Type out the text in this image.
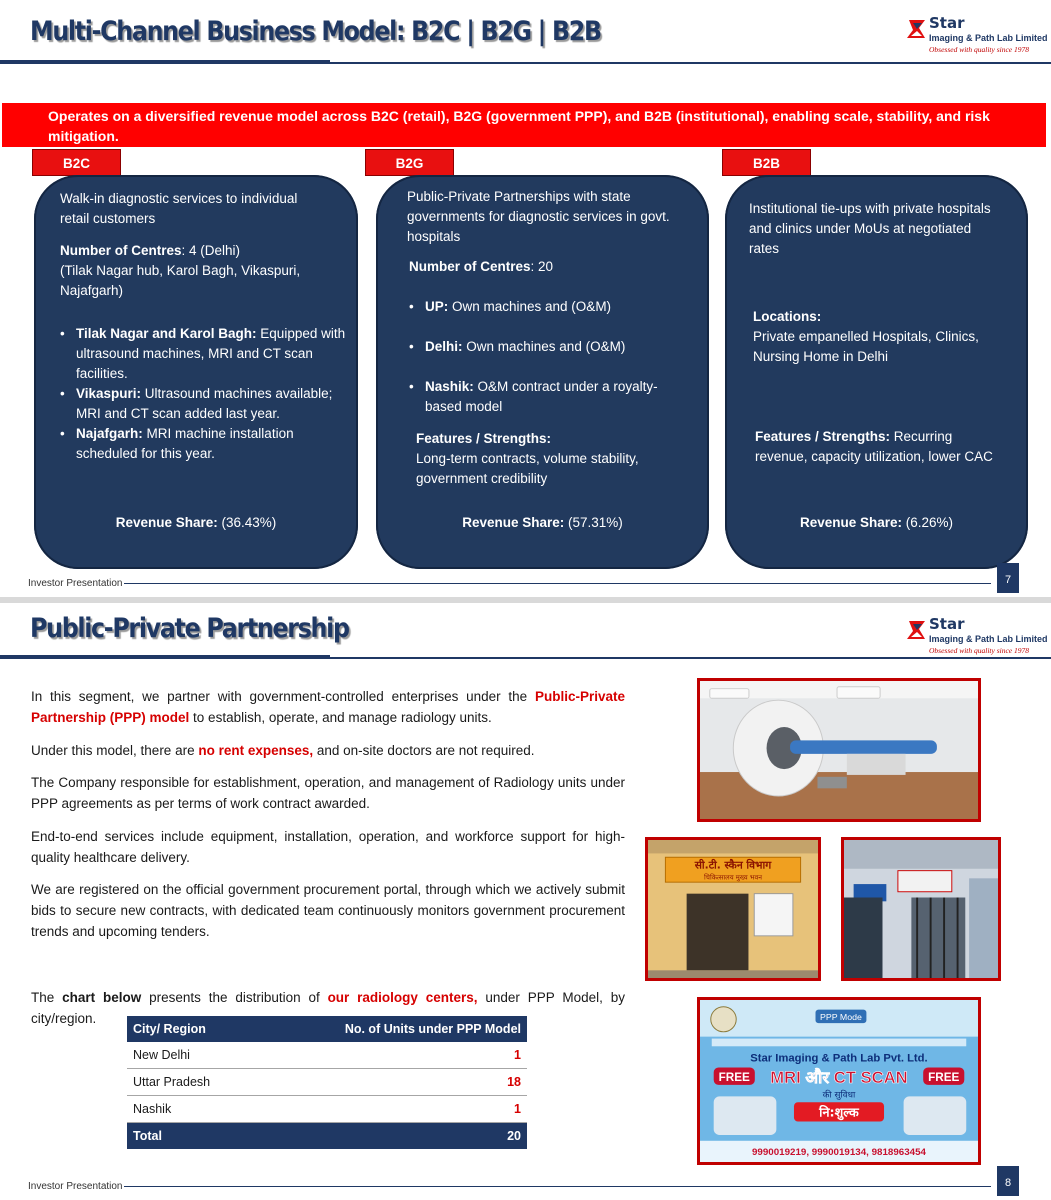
Multi-Channel Business Model: B2C | B2G | B2B	Star
Imaging & Path Lab Limited
Obsessed with quality since 1978
Operates on a diversified revenue model across B2C (retail), B2G (government PPP), and B2B (institutional), enabling scale, stability, and risk mitigation.
B2C
Walk-in diagnostic services to individual retail customers
Number of Centres: 4 (Delhi)
(Tilak Nagar hub, Karol Bagh, Vikaspuri, Najafgarh)
• Tilak Nagar and Karol Bagh: Equipped with ultrasound machines, MRI and CT scan facilities.
• Vikaspuri: Ultrasound machines available; MRI and CT scan added last year.
• Najafgarh: MRI machine installation scheduled for this year.
Revenue Share: (36.43%)
B2G
Public-Private Partnerships with state governments for diagnostic services in govt. hospitals
Number of Centres: 20
• UP: Own machines and (O&M)
• Delhi: Own machines and (O&M)
• Nashik: O&M contract under a royalty-based model
Features / Strengths:
Long-term contracts, volume stability, government credibility
Revenue Share: (57.31%)
B2B
Institutional tie-ups with private hospitals and clinics under MoUs at negotiated rates
Locations:
Private empanelled Hospitals, Clinics, Nursing Home in Delhi
Features / Strengths: Recurring revenue, capacity utilization, lower CAC
Revenue Share: (6.26%)
Investor Presentation	7
Public-Private Partnership	Star
Imaging & Path Lab Limited
Obsessed with quality since 1978

In this segment, we partner with government-controlled enterprises under the Public-Private Partnership (PPP) model to establish, operate, and manage radiology units.

Under this model, there are no rent expenses, and on-site doctors are not required.

The Company responsible for establishment, operation, and management of Radiology units under PPP agreements as per terms of work contract awarded.

End-to-end services include equipment, installation, operation, and workforce support for high-quality healthcare delivery.

We are registered on the official government procurement portal, through which we actively submit bids to secure new contracts, with dedicated team continuously monitors government procurement trends and upcoming tenders.

The chart below presents the distribution of our radiology centers, under PPP Model, by city/region.

City/ Region	No. of Units under PPP Model
New Delhi	1
Uttar Pradesh	18
Nashik	1
Total	20
सी.टी. स्कैन विभाग
चिकित्सालय मुख्य भवन
PPP Mode
Star Imaging & Path Lab Pvt. Ltd.
FREE MRI और CT SCAN FREE
की सुविधा
नि:शुल्क
9990019219, 9990019134, 9818963454
Investor Presentation	8
